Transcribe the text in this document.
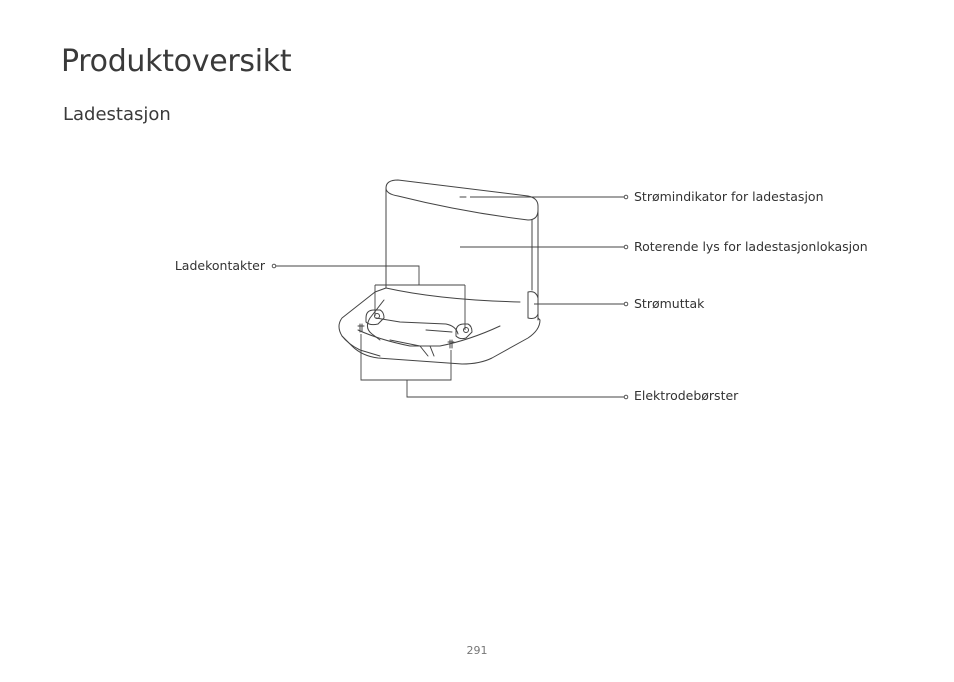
Produktoversikt
Ladestasjon
Strømindikator for ladestasjon
Roterende lys for ladestasjonlokasjon
Ladekontakter
Strømuttak
Elektrodebørster
291
